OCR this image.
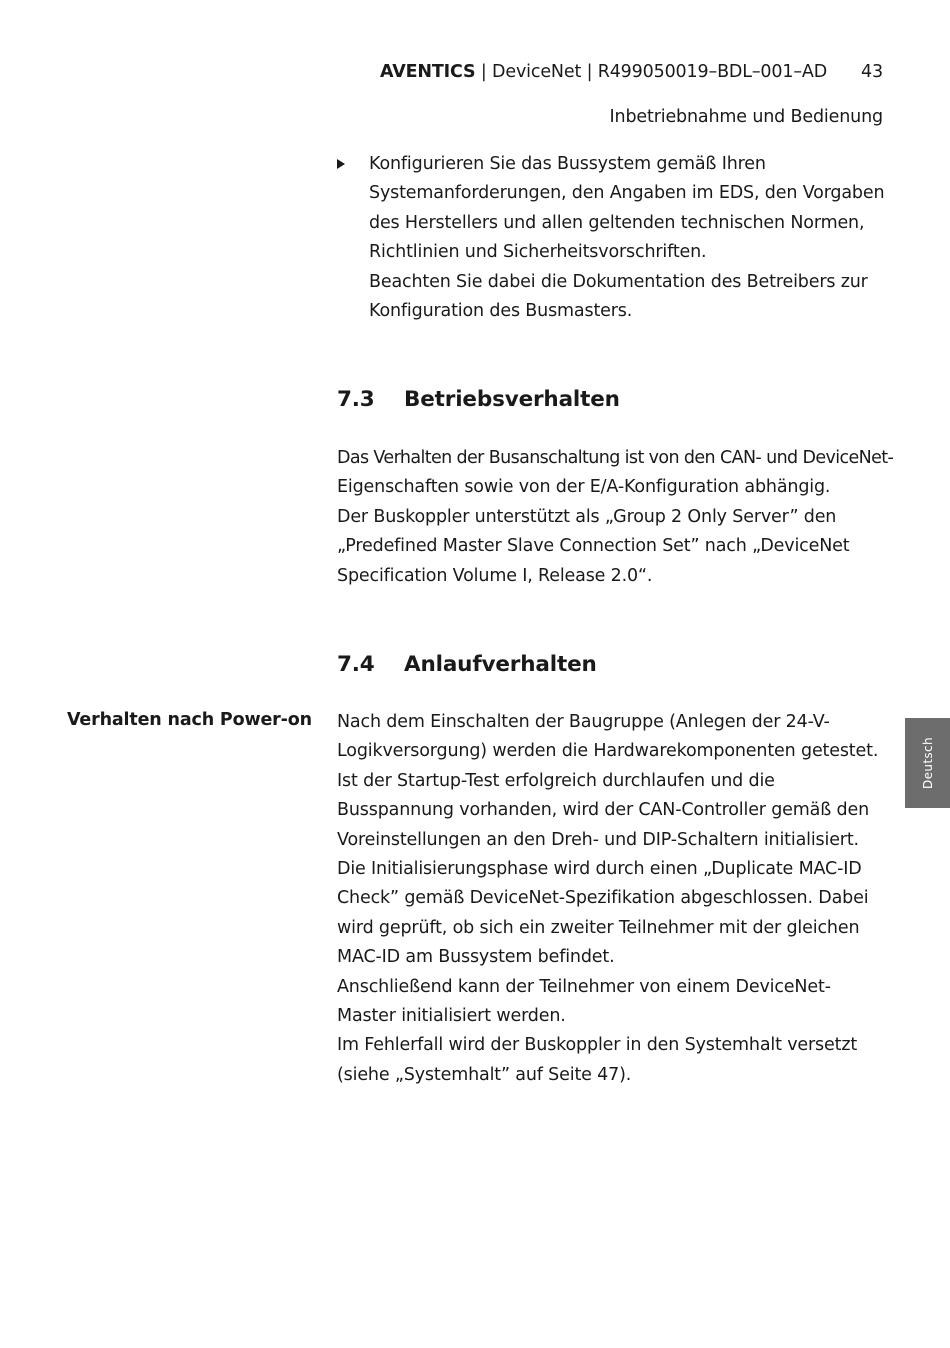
AVENTICS | DeviceNet | R499050019–BDL–001–AD 43
Inbetriebnahme und Bedienung
Konfigurieren Sie das Bussystem gemäß Ihren
Systemanforderungen, den Angaben im EDS, den Vorgaben
des Herstellers und allen geltenden technischen Normen,
Richtlinien und Sicherheitsvorschriften.
Beachten Sie dabei die Dokumentation des Betreibers zur
Konfiguration des Busmasters.
7.3 Betriebsverhalten

Das Verhalten der Busanschaltung ist von den CAN- und DeviceNet-

Eigenschaften sowie von der E/A-Konfiguration abhängig.

Der Buskoppler unterstützt als „Group 2 Only Server” den

„Predefined Master Slave Connection Set” nach „DeviceNet

Specification Volume I, Release 2.0“.

7.4 Anlaufverhalten
Verhalten nach Power-on Nach dem Einschalten der Baugruppe (Anlegen der 24-V-

Logikversorgung) werden die Hardwarekomponenten getestet.

Ist der Startup-Test erfolgreich durchlaufen und die

Busspannung vorhanden, wird der CAN-Controller gemäß den

Voreinstellungen an den Dreh- und DIP-Schaltern initialisiert.

Die Initialisierungsphase wird durch einen „Duplicate MAC-ID

Check” gemäß DeviceNet-Spezifikation abgeschlossen. Dabei

wird geprüft, ob sich ein zweiter Teilnehmer mit der gleichen

MAC-ID am Bussystem befindet.

Anschließend kann der Teilnehmer von einem DeviceNet-

Master initialisiert werden.

Im Fehlerfall wird der Buskoppler in den Systemhalt versetzt

(siehe „Systemhalt” auf Seite 47).

Deutsch
